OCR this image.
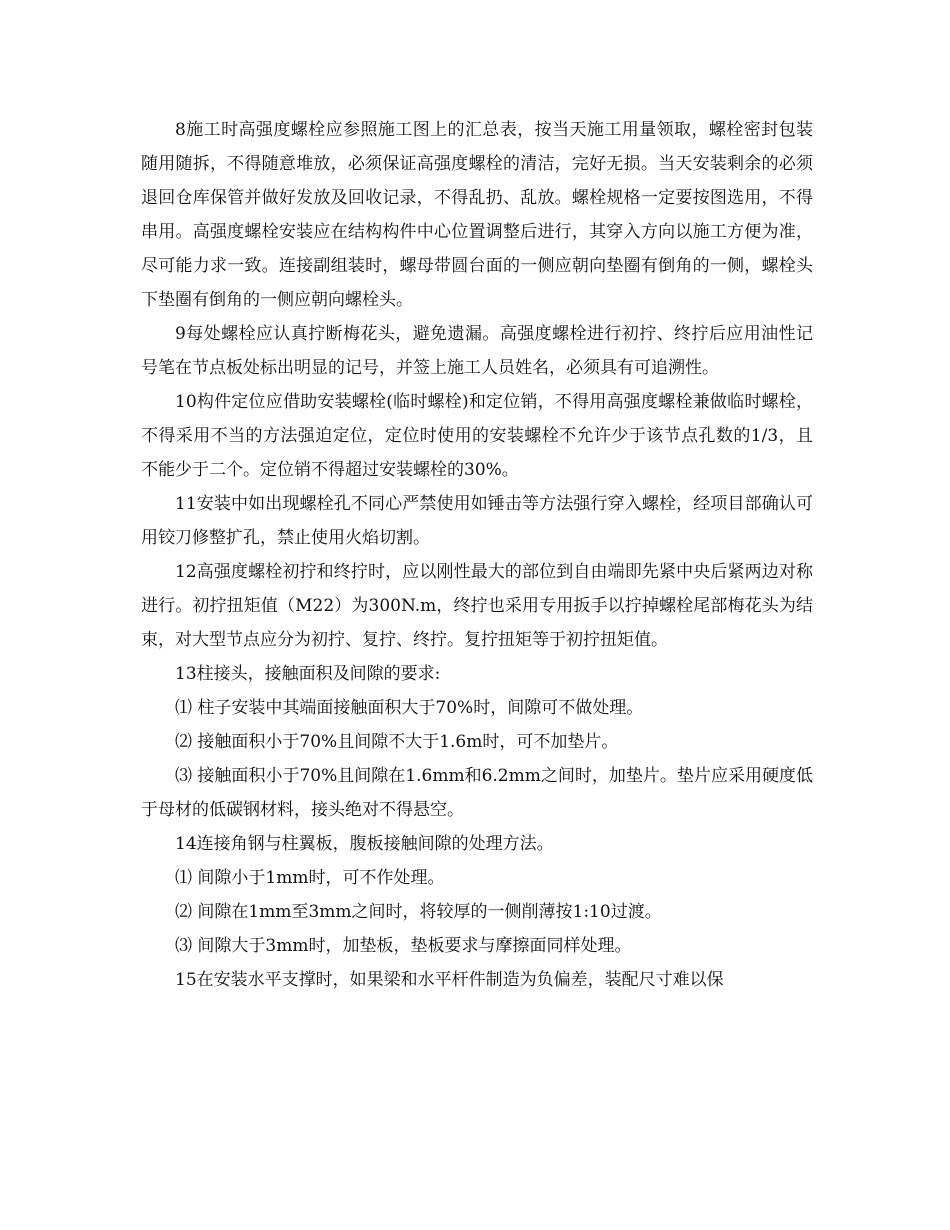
8施工时高强度螺栓应参照施工图上的汇总表，按当天施工用量领取，螺栓密封包装随用随拆，不得随意堆放，必须保证高强度螺栓的清洁，完好无损。当天安装剩余的必须退回仓库保管并做好发放及回收记录，不得乱扔、乱放。螺栓规格一定要按图选用，不得串用。高强度螺栓安装应在结构构件中心位置调整后进行，其穿入方向以施工方便为准，尽可能力求一致。连接副组装时，螺母带圆台面的一侧应朝向垫圈有倒角的一侧，螺栓头下垫圈有倒角的一侧应朝向螺栓头。

9每处螺栓应认真拧断梅花头，避免遗漏。高强度螺栓进行初拧、终拧后应用油性记号笔在节点板处标出明显的记号，并签上施工人员姓名，必须具有可追溯性。

10构件定位应借助安装螺栓(临时螺栓)和定位销，不得用高强度螺栓兼做临时螺栓，不得采用不当的方法强迫定位，定位时使用的安装螺栓不允许少于该节点孔数的1/3，且不能少于二个。定位销不得超过安装螺栓的30%。

11安装中如出现螺栓孔不同心严禁使用如锤击等方法强行穿入螺栓，经项目部确认可用铰刀修整扩孔，禁止使用火焰切割。

12高强度螺栓初拧和终拧时，应以刚性最大的部位到自由端即先紧中央后紧两边对称进行。初拧扭矩值（M22）为300N.m，终拧也采用专用扳手以拧掉螺栓尾部梅花头为结束，对大型节点应分为初拧、复拧、终拧。复拧扭矩等于初拧扭矩值。

13柱接头，接触面积及间隙的要求:

⑴ 柱子安装中其端面接触面积大于70%时，间隙可不做处理。

⑵ 接触面积小于70%且间隙不大于1.6m时，可不加垫片。

⑶ 接触面积小于70%且间隙在1.6mm和6.2mm之间时，加垫片。垫片应采用硬度低于母材的低碳钢材料，接头绝对不得悬空。

14连接角钢与柱翼板，腹板接触间隙的处理方法。

⑴ 间隙小于1mm时，可不作处理。

⑵ 间隙在1mm至3mm之间时，将较厚的一侧削薄按1:10过渡。

⑶ 间隙大于3mm时，加垫板，垫板要求与摩擦面同样处理。

15在安装水平支撑时，如果梁和水平杆件制造为负偏差，装配尺寸难以保
